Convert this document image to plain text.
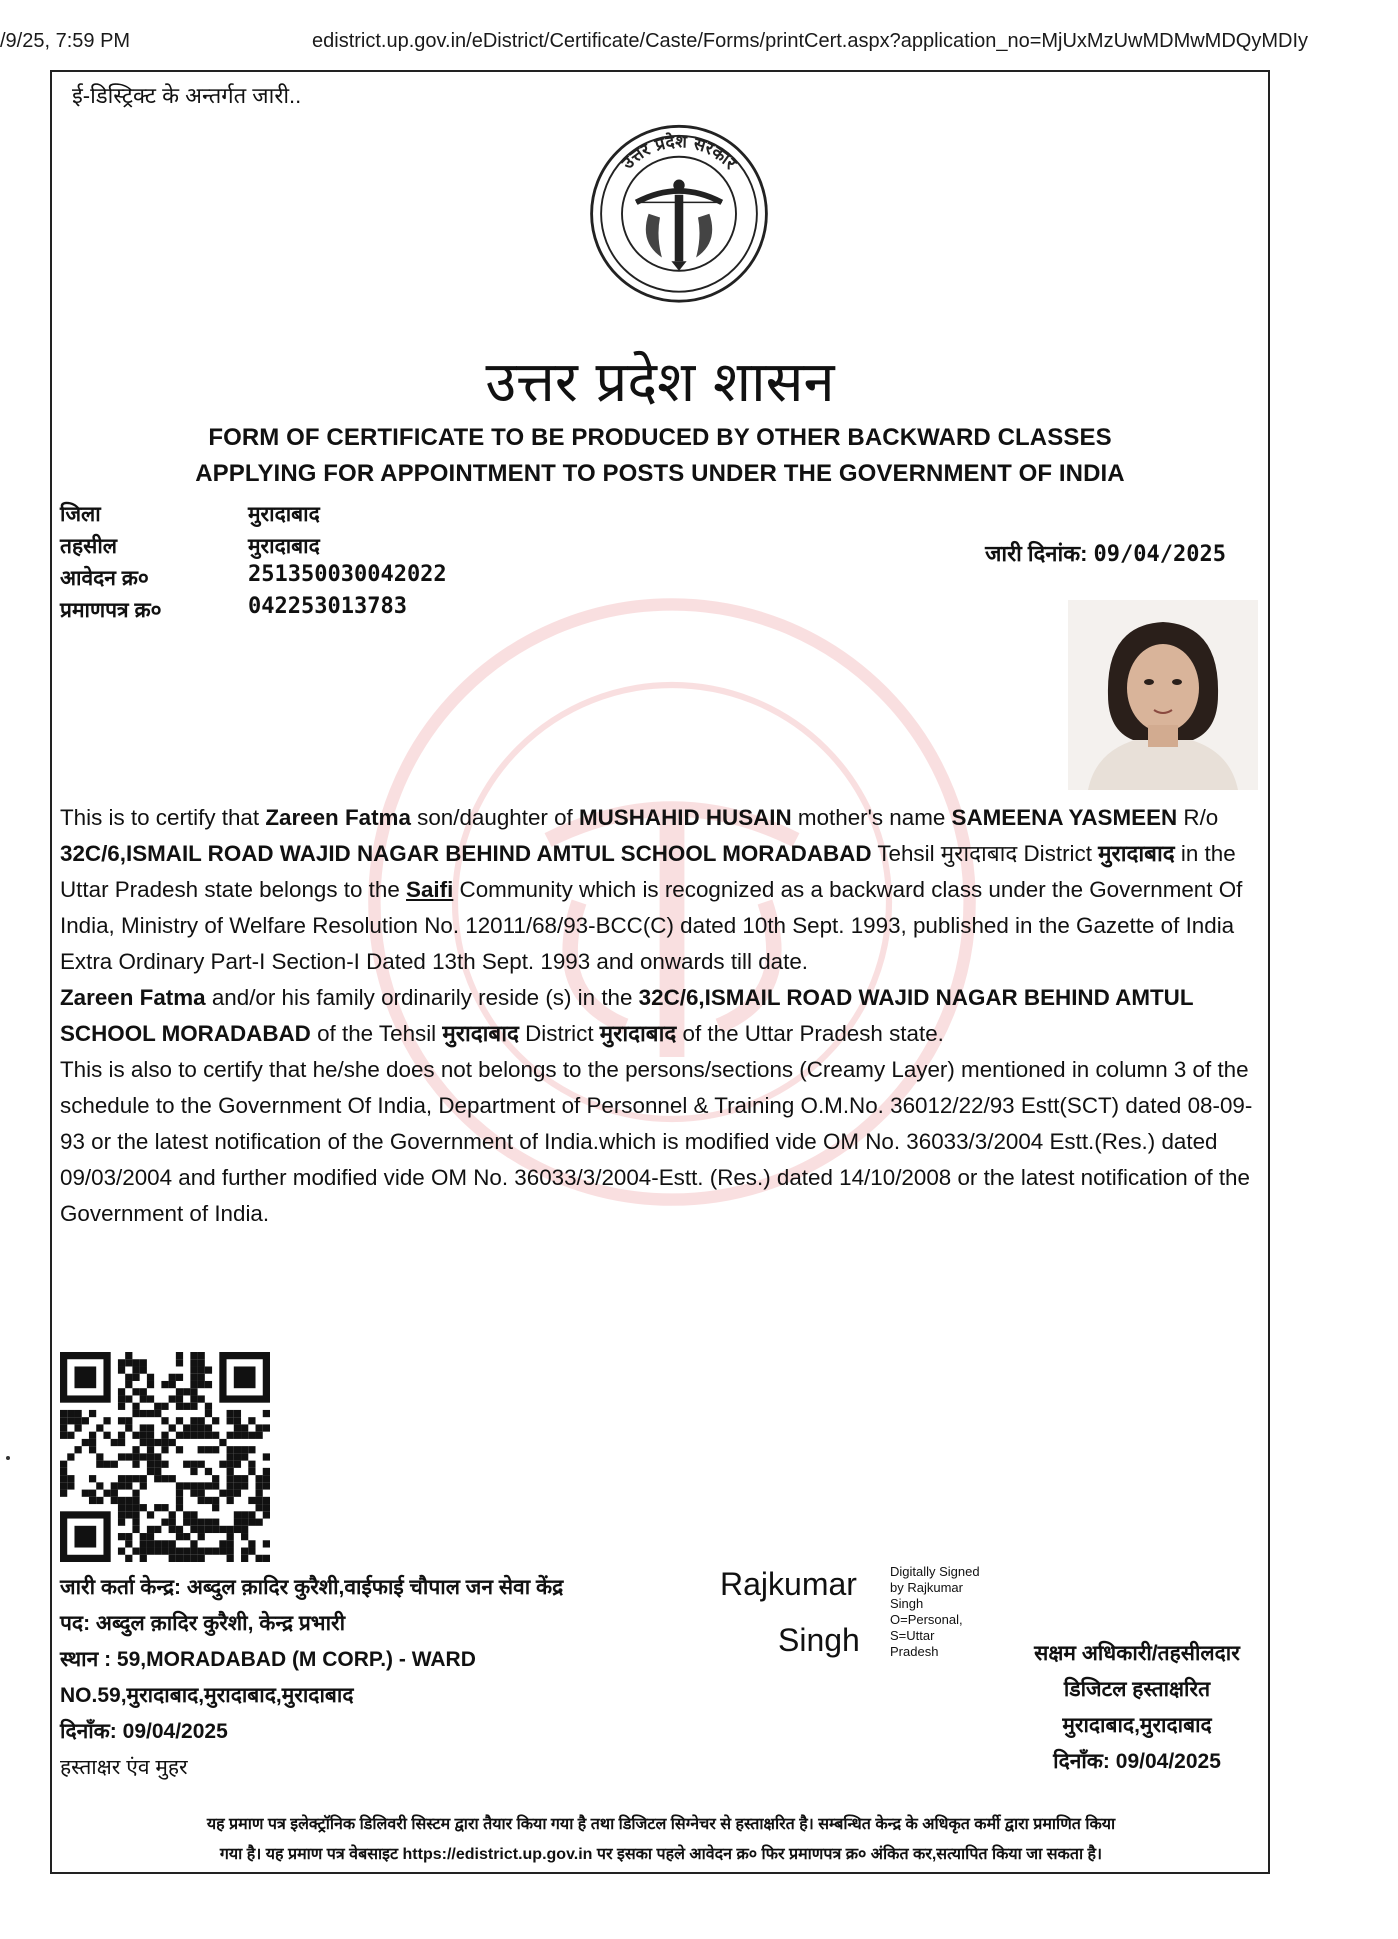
/9/25, 7:59 PM	edistrict.up.gov.in/eDistrict/Certificate/Caste/Forms/printCert.aspx?application_no=MjUxMzUwMDMwMDQyMDIy
ई-डिस्ट्रिक्ट के अन्तर्गत जारी..
उत्तर प्रदेश सरकार
उत्तर प्रदेश शासन
FORM OF CERTIFICATE TO BE PRODUCED BY OTHER BACKWARD CLASSES
APPLYING FOR APPOINTMENT TO POSTS UNDER THE GOVERNMENT OF INDIA
जिला	मुरादाबाद
तहसील	मुरादाबाद
आवेदन क्र०	251350030042022
प्रमाणपत्र क्र०	042253013783
जारी दिनांक: 09/04/2025

This is to certify that Zareen Fatma son/daughter of MUSHAHID HUSAIN mother's name SAMEENA YASMEEN R/o 32C/6,ISMAIL ROAD WAJID NAGAR BEHIND AMTUL SCHOOL MORADABAD Tehsil मुरादाबाद District मुरादाबाद in the Uttar Pradesh state belongs to the Saifi Community which is recognized as a backward class under the Government Of India, Ministry of Welfare Resolution No. 12011/68/93-BCC(C) dated 10th Sept. 1993, published in the Gazette of India Extra Ordinary Part-I Section-I Dated 13th Sept. 1993 and onwards till date.

Zareen Fatma and/or his family ordinarily reside (s) in the 32C/6,ISMAIL ROAD WAJID NAGAR BEHIND AMTUL SCHOOL MORADABAD of the Tehsil मुरादाबाद District मुरादाबाद of the Uttar Pradesh state.

This is also to certify that he/she does not belongs to the persons/sections (Creamy Layer) mentioned in column 3 of the schedule to the Government Of India, Department of Personnel & Training O.M.No. 36012/22/93 Estt(SCT) dated 08-09-93 or the latest notification of the Government of India.which is modified vide OM No. 36033/3/2004 Estt.(Res.) dated 09/03/2004 and further modified vide OM No. 36033/3/2004-Estt. (Res.) dated 14/10/2008 or the latest notification of the Government of India.

जारी कर्ता केन्द्र: अब्दुल क़ादिर कुरैशी,वाईफाई चौपाल जन सेवा केंद्र
पद: अब्दुल क़ादिर कुरैशी, केन्द्र प्रभारी
स्थान : 59,MORADABAD (M CORP.) - WARD
NO.59,मुरादाबाद,मुरादाबाद,मुरादाबाद
दिनाँक: 09/04/2025
हस्ताक्षर एंव मुहर
Rajkumar
Singh
Digitally Signed
by Rajkumar
Singh
O=Personal,
S=Uttar
Pradesh	सक्षम अधिकारी/तहसीलदार
डिजिटल हस्ताक्षरित
मुरादाबाद,मुरादाबाद
दिनाँक: 09/04/2025
यह प्रमाण पत्र इलेक्ट्रॉनिक डिलिवरी सिस्टम द्वारा तैयार किया गया है तथा डिजिटल सिग्नेचर से हस्ताक्षरित है। सम्बन्धित केन्द्र के अधिकृत कर्मी द्वारा प्रमाणित किया
गया है। यह प्रमाण पत्र वेबसाइट https://edistrict.up.gov.in पर इसका पहले आवेदन क्र० फिर प्रमाणपत्र क्र० अंकित कर,सत्यापित किया जा सकता है।
